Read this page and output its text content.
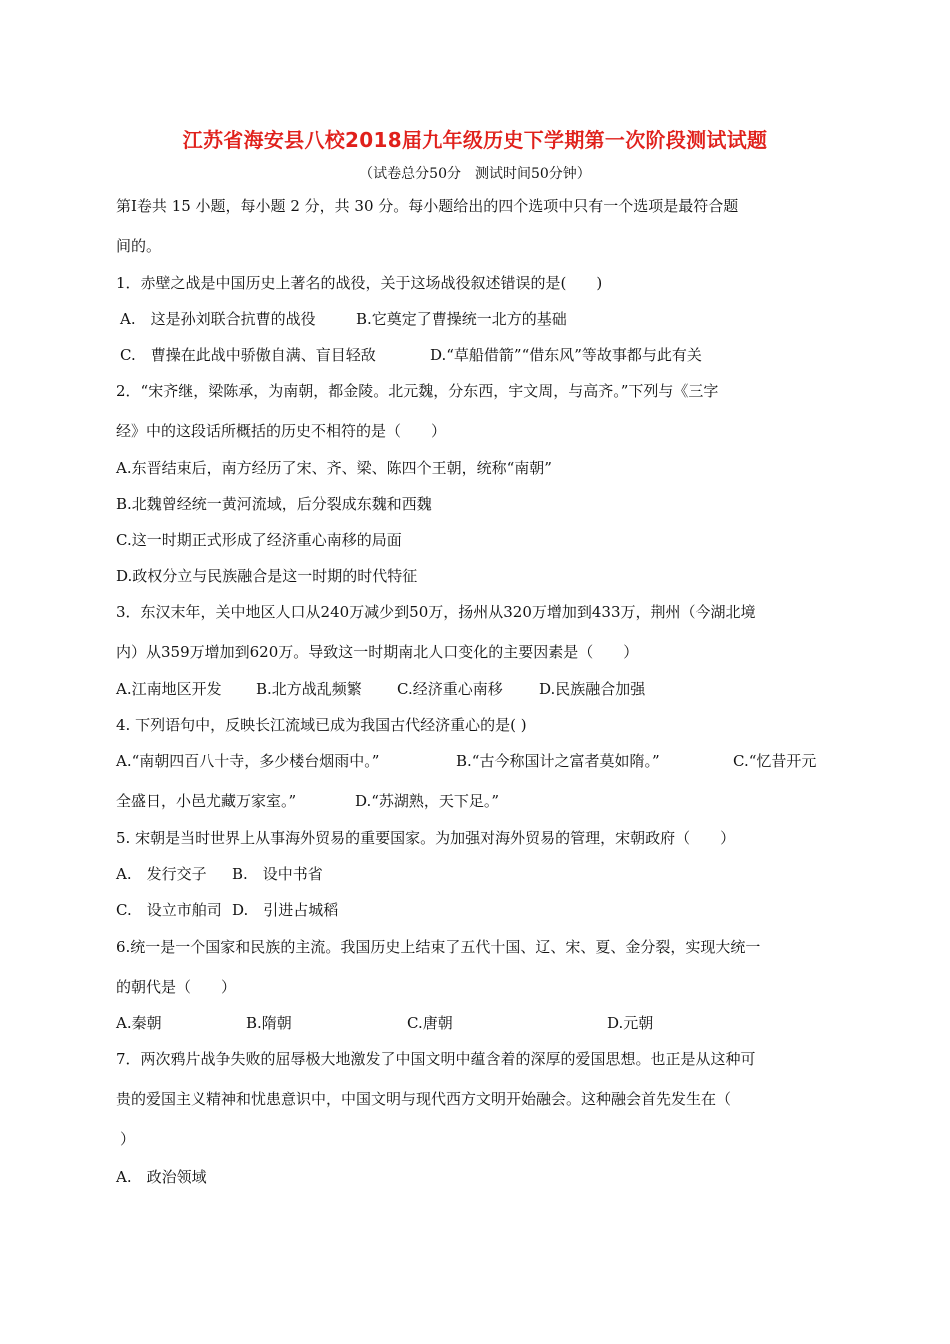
江苏省海安县八校2018届九年级历史下学期第一次阶段测试试题
（试卷总分50分　测试时间50分钟）
第Ⅰ卷共 15 小题，每小题 2 分，共 30 分。每小题给出的四个选项中只有一个选项是最符合题
间的。
1．赤壁之战是中国历史上著名的战役，关于这场战役叙述错误的是(　　)
A.　这是孙刘联合抗曹的战役	B.它奠定了曹操统一北方的基础
C.　曹操在此战中骄傲自满、盲目轻敌	D.“草船借箭”“借东风”等故事都与此有关
2．“宋齐继，梁陈承，为南朝，都金陵。北元魏，分东西，宇文周，与高齐。”下列与《三字
经》中的这段话所概括的历史不相符的是（　　）
A.东晋结束后，南方经历了宋、齐、梁、陈四个王朝，统称“南朝”
B.北魏曾经统一黄河流域，后分裂成东魏和西魏
C.这一时期正式形成了经济重心南移的局面
D.政权分立与民族融合是这一时期的时代特征
3．东汉末年，关中地区人口从240万减少到50万，扬州从320万增加到433万，荆州（今湖北境
内）从359万增加到620万。导致这一时期南北人口变化的主要因素是（　　）
A.江南地区开发 B.北方战乱频繁 C.经济重心南移 D.民族融合加强
4. 下列语句中，反映长江流域已成为我国古代经济重心的是( )
A.“南朝四百八十寺，多少楼台烟雨中。”	B.“古今称国计之富者莫如隋。”	C.“忆昔开元
全盛日，小邑尤藏万家室。”	D.“苏湖熟，天下足。”
5. 宋朝是当时世界上从事海外贸易的重要国家。为加强对海外贸易的管理，宋朝政府（　　）
A.　发行交子 B.　设中书省
C.　设立市舶司 D.　引进占城稻
6.统一是一个国家和民族的主流。我国历史上结束了五代十国、辽、宋、夏、金分裂，实现大统一
的朝代是（　　）
A.秦朝	B.隋朝	C.唐朝	D.元朝
7．两次鸦片战争失败的屈辱极大地激发了中国文明中蕴含着的深厚的爱国思想。也正是从这种可
贵的爱国主义精神和忧患意识中，中国文明与现代西方文明开始融会。这种融会首先发生在（
）
A.　政治领域
